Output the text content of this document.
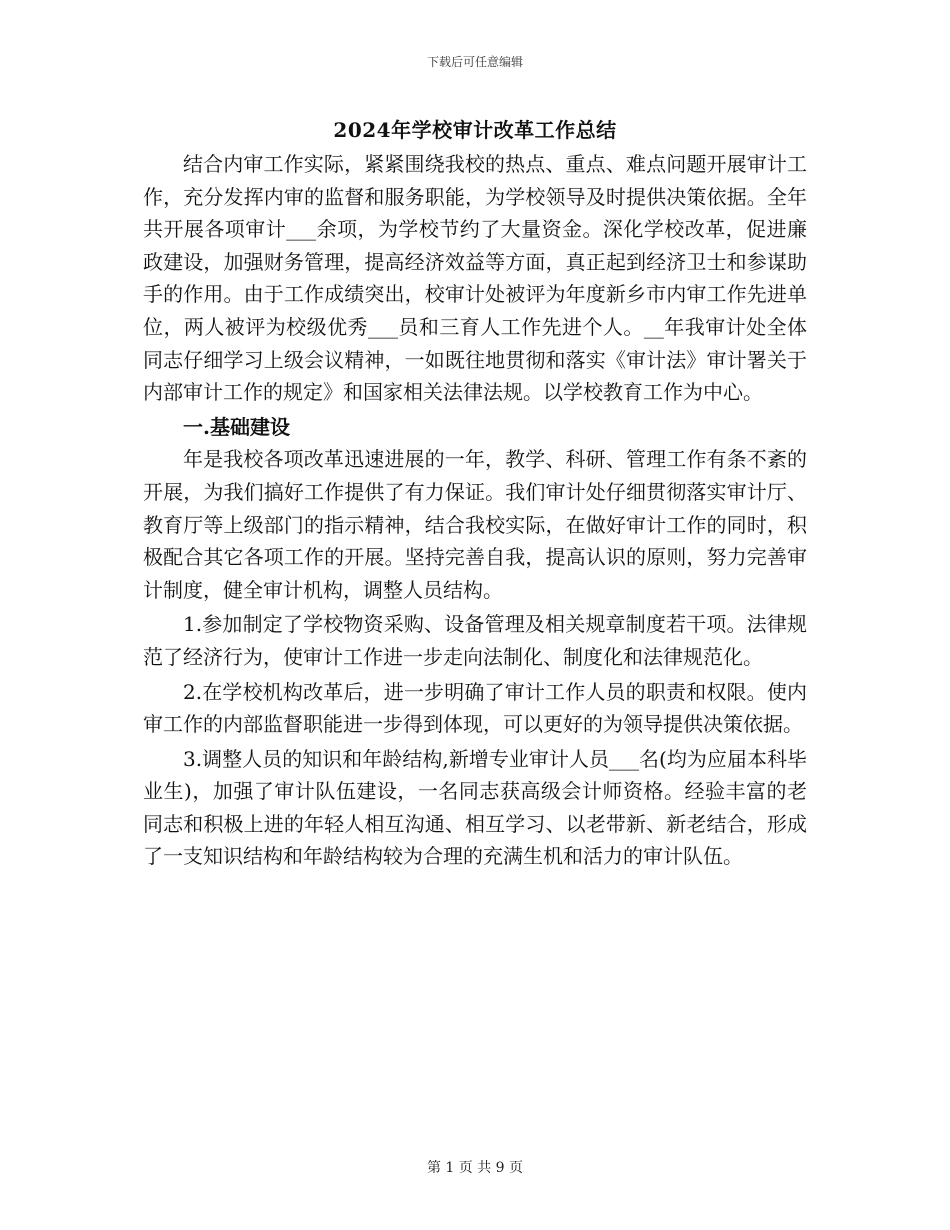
下载后可任意编辑
2024年学校审计改革工作总结

结合内审工作实际，紧紧围绕我校的热点、重点、难点问题开展审计工作，充分发挥内审的监督和服务职能，为学校领导及时提供决策依据。全年共开展各项审计___余项，为学校节约了大量资金。深化学校改革，促进廉政建设，加强财务管理，提高经济效益等方面，真正起到经济卫士和参谋助手的作用。由于工作成绩突出，校审计处被评为年度新乡市内审工作先进单位，两人被评为校级优秀___员和三育人工作先进个人。__年我审计处全体同志仔细学习上级会议精神，一如既往地贯彻和落实《审计法》审计署关于内部审计工作的规定》和国家相关法律法规。以学校教育工作为中心。

一.基础建设

年是我校各项改革迅速进展的一年，教学、科研、管理工作有条不紊的开展，为我们搞好工作提供了有力保证。我们审计处仔细贯彻落实审计厅、教育厅等上级部门的指示精神，结合我校实际，在做好审计工作的同时，积极配合其它各项工作的开展。坚持完善自我，提高认识的原则，努力完善审计制度，健全审计机构，调整人员结构。

1.参加制定了学校物资采购、设备管理及相关规章制度若干项。法律规范了经济行为，使审计工作进一步走向法制化、制度化和法律规范化。

2.在学校机构改革后，进一步明确了审计工作人员的职责和权限。使内审工作的内部监督职能进一步得到体现，可以更好的为领导提供决策依据。

3.调整人员的知识和年龄结构,新增专业审计人员___名(均为应届本科毕业生)，加强了审计队伍建设，一名同志获高级会计师资格。经验丰富的老同志和积极上进的年轻人相互沟通、相互学习、以老带新、新老结合，形成了一支知识结构和年龄结构较为合理的充满生机和活力的审计队伍。

第 1 页 共 9 页
